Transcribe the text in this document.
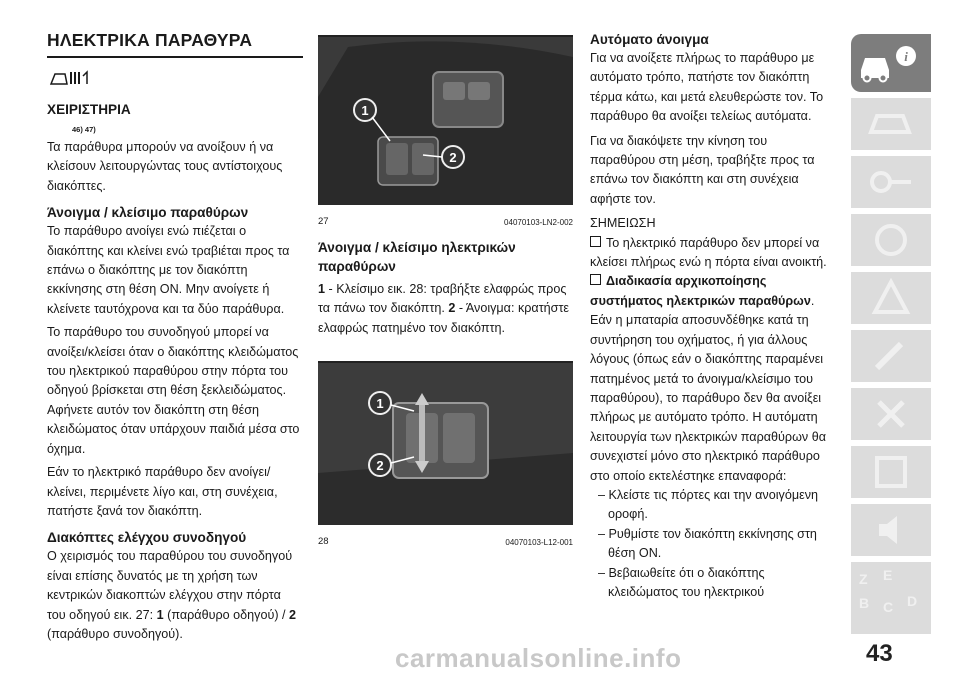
ΗΛΕΚΤΡΙΚΑ ΠΑΡΑΘΥΡΑ
ΧΕΙΡΙΣΤΗΡΙΑ
46) 47)

Τα παράθυρα μπορούν να ανοίξουν ή να κλείσουν λειτουργώντας τους αντίστοιχους διακόπτες.

Άνοιγμα / κλείσιμο παραθύρων

Το παράθυρο ανοίγει ενώ πιέζεται ο διακόπτης και κλείνει ενώ τραβιέται προς τα επάνω ο διακόπτης με τον διακόπτη εκκίνησης στη θέση ON. Μην ανοίγετε ή κλείνετε ταυτόχρονα και τα δύο παράθυρα.

Το παράθυρο του συνοδηγού μπορεί να ανοίξει/κλείσει όταν ο διακόπτης κλειδώματος του ηλεκτρικού παραθύρου στην πόρτα του οδηγού βρίσκεται στη θέση ξεκλειδώματος. Αφήνετε αυτόν τον διακόπτη στη θέση κλειδώματος όταν υπάρχουν παιδιά μέσα στο όχημα.

Εάν το ηλεκτρικό παράθυρο δεν ανοίγει/κλείνει, περιμένετε λίγο και, στη συνέχεια, πατήστε ξανά τον διακόπτη.

Διακόπτες ελέγχου συνοδηγού

Ο χειρισμός του παραθύρου του συνοδηγού είναι επίσης δυνατός με τη χρήση των κεντρικών διακοπτών ελέγχου στην πόρτα του οδηγού εικ. 27: 1 (παράθυρο οδηγού) / 2 (παράθυρο συνοδηγού).

1
2
27	04070103-LN2-002
Άνοιγμα / κλείσιμο ηλεκτρικών παραθύρων

1 - Κλείσιμο εικ. 28: τραβήξτε ελαφρώς προς τα πάνω τον διακόπτη. 2 - Άνοιγμα: κρατήστε ελαφρώς πατημένο τον διακόπτη.

1
2
28	04070103-L12-001
Αυτόματο άνοιγμα

Για να ανοίξετε πλήρως το παράθυρο με αυτόματο τρόπο, πατήστε τον διακόπτη τέρμα κάτω, και μετά ελευθερώστε τον. Το παράθυρο θα ανοίξει τελείως αυτόματα.

Για να διακόψετε την κίνηση του παραθύρου στη μέση, τραβήξτε προς τα επάνω τον διακόπτη και στη συνέχεια αφήστε τον.

ΣΗΜΕΙΩΣΗ

Το ηλεκτρικό παράθυρο δεν μπορεί να κλείσει πλήρως ενώ η πόρτα είναι ανοικτή.

Διαδικασία αρχικοποίησης συστήματος ηλεκτρικών παραθύρων. Εάν η μπαταρία αποσυνδέθηκε κατά τη συντήρηση του οχήματος, ή για άλλους λόγους (όπως εάν ο διακόπτης παραμένει πατημένος μετά το άνοιγμα/κλείσιμο του παραθύρου), το παράθυρο δεν θα ανοίξει πλήρως με αυτόματο τρόπο. Η αυτόματη λειτουργία των ηλεκτρικών παραθύρων θα συνεχιστεί μόνο στο ηλεκτρικό παράθυρο στο οποίο εκτελέστηκε επαναφορά:

– Κλείστε τις πόρτες και την ανοιγόμενη οροφή.

– Ρυθμίστε τον διακόπτη εκκίνησης στη θέση ON.

– Βεβαιωθείτε ότι ο διακόπτης κλειδώματος του ηλεκτρικού

i
Z E
B C D
43
carmanualsonline.info
